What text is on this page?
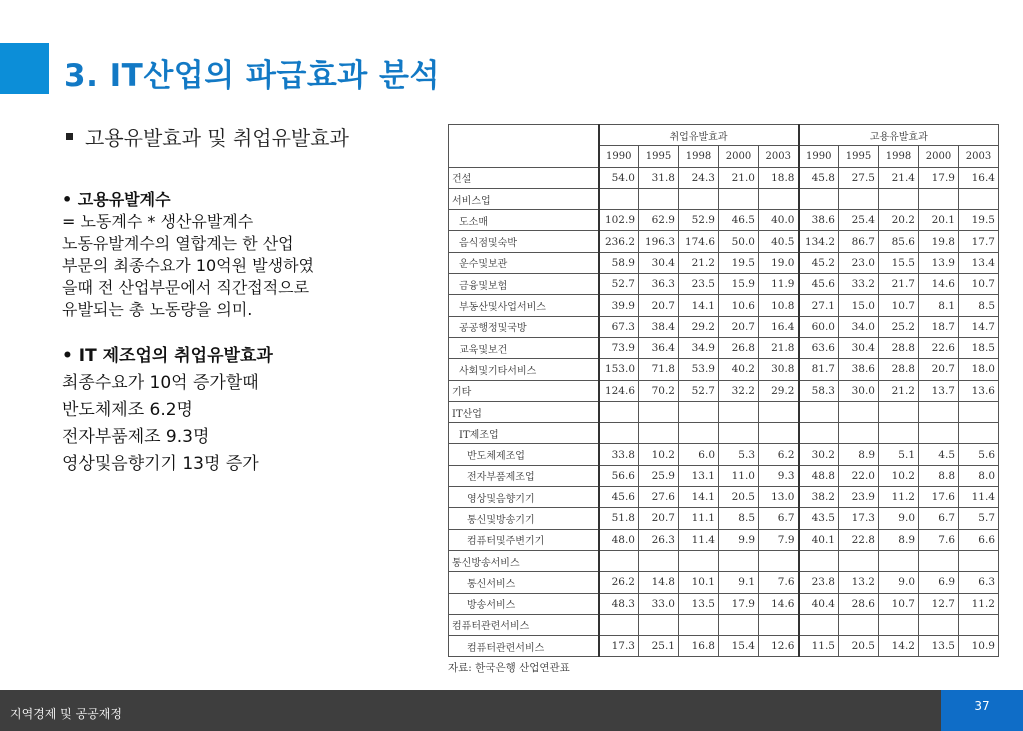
3. IT산업의 파급효과 분석
고용유발효과 및 취업유발효과
• 고용유발계수
= 노동계수 * 생산유발계수
노동유발계수의 열합계는 한 산업
부문의 최종수요가 10억원 발생하였
을때 전 산업부문에서 직간접적으로
유발되는 총 노동량을 의미.
• IT 제조업의 취업유발효과
최종수요가 10억 증가할때
반도체제조 6.2명
전자부품제조 9.3명
영상및음향기기 13명 증가
	취업유발효과					고용유발효과				
	1990	1995	1998	2000	2003	1990	1995	1998	2000	2003
건설	54.0	31.8	24.3	21.0	18.8	45.8	27.5	21.4	17.9	16.4
서비스업										
도소매	102.9	62.9	52.9	46.5	40.0	38.6	25.4	20.2	20.1	19.5
음식점및숙박	236.2	196.3	174.6	50.0	40.5	134.2	86.7	85.6	19.8	17.7
운수및보관	58.9	30.4	21.2	19.5	19.0	45.2	23.0	15.5	13.9	13.4
금융및보험	52.7	36.3	23.5	15.9	11.9	45.6	33.2	21.7	14.6	10.7
부동산및사업서비스	39.9	20.7	14.1	10.6	10.8	27.1	15.0	10.7	8.1	8.5
공공행정및국방	67.3	38.4	29.2	20.7	16.4	60.0	34.0	25.2	18.7	14.7
교육및보건	73.9	36.4	34.9	26.8	21.8	63.6	30.4	28.8	22.6	18.5
사회및기타서비스	153.0	71.8	53.9	40.2	30.8	81.7	38.6	28.8	20.7	18.0
기타	124.6	70.2	52.7	32.2	29.2	58.3	30.0	21.2	13.7	13.6
IT산업										
IT제조업										
반도체제조업	33.8	10.2	6.0	5.3	6.2	30.2	8.9	5.1	4.5	5.6
전자부품제조업	56.6	25.9	13.1	11.0	9.3	48.8	22.0	10.2	8.8	8.0
영상및음향기기	45.6	27.6	14.1	20.5	13.0	38.2	23.9	11.2	17.6	11.4
통신및방송기기	51.8	20.7	11.1	8.5	6.7	43.5	17.3	9.0	6.7	5.7
컴퓨터및주변기기	48.0	26.3	11.4	9.9	7.9	40.1	22.8	8.9	7.6	6.6
통신방송서비스										
통신서비스	26.2	14.8	10.1	9.1	7.6	23.8	13.2	9.0	6.9	6.3
방송서비스	48.3	33.0	13.5	17.9	14.6	40.4	28.6	10.7	12.7	11.2
컴퓨터관련서비스										
컴퓨터관련서비스	17.3	25.1	16.8	15.4	12.6	11.5	20.5	14.2	13.5	10.9
자료: 한국은행 산업연관표
지역경제 및 공공재정
37
